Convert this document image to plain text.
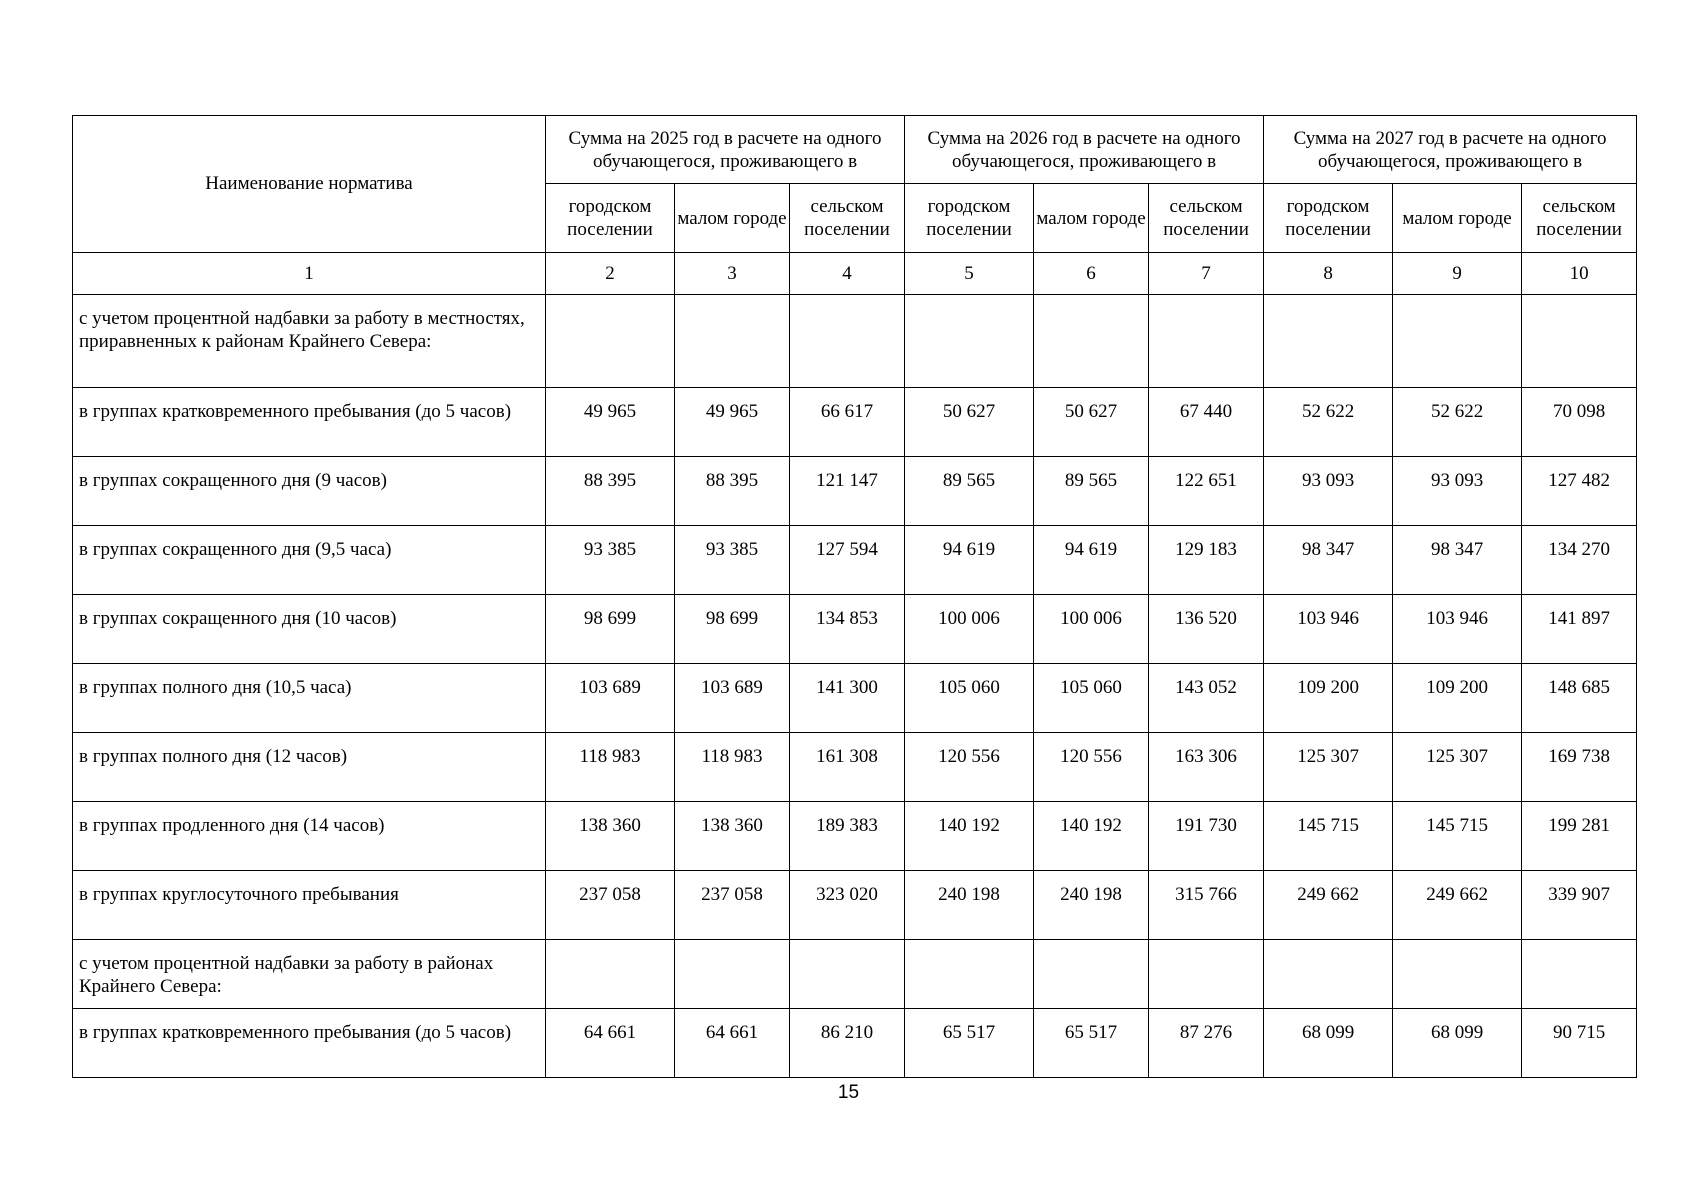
Наименование норматива	Сумма на 2025 год в расчете на одного обучающегося, проживающего в			Сумма на 2026 год в расчете на одного обучающегося, проживающего в			Сумма на 2027 год в расчете на одного обучающегося, проживающего в		
	городском поселении	малом городе	сельском поселении	городском поселении	малом городе	сельском поселении	городском поселении	малом городе	сельском поселении
1	2	3	4	5	6	7	8	9	10
с учетом процентной надбавки за работу в местностях, приравненных к районам Крайнего Севера:									
в группах кратковременного пребывания (до 5 часов)	49 965	49 965	66 617	50 627	50 627	67 440	52 622	52 622	70 098
в группах сокращенного дня (9 часов)	88 395	88 395	121 147	89 565	89 565	122 651	93 093	93 093	127 482
в группах сокращенного дня (9,5 часа)	93 385	93 385	127 594	94 619	94 619	129 183	98 347	98 347	134 270
в группах сокращенного дня (10 часов)	98 699	98 699	134 853	100 006	100 006	136 520	103 946	103 946	141 897
в группах полного дня (10,5 часа)	103 689	103 689	141 300	105 060	105 060	143 052	109 200	109 200	148 685
в группах полного дня (12 часов)	118 983	118 983	161 308	120 556	120 556	163 306	125 307	125 307	169 738
в группах продленного дня (14 часов)	138 360	138 360	189 383	140 192	140 192	191 730	145 715	145 715	199 281
в группах круглосуточного пребывания	237 058	237 058	323 020	240 198	240 198	315 766	249 662	249 662	339 907
с учетом процентной надбавки за работу в районах Крайнего Севера:									
в группах кратковременного пребывания (до 5 часов)	64 661	64 661	86 210	65 517	65 517	87 276	68 099	68 099	90 715
15
